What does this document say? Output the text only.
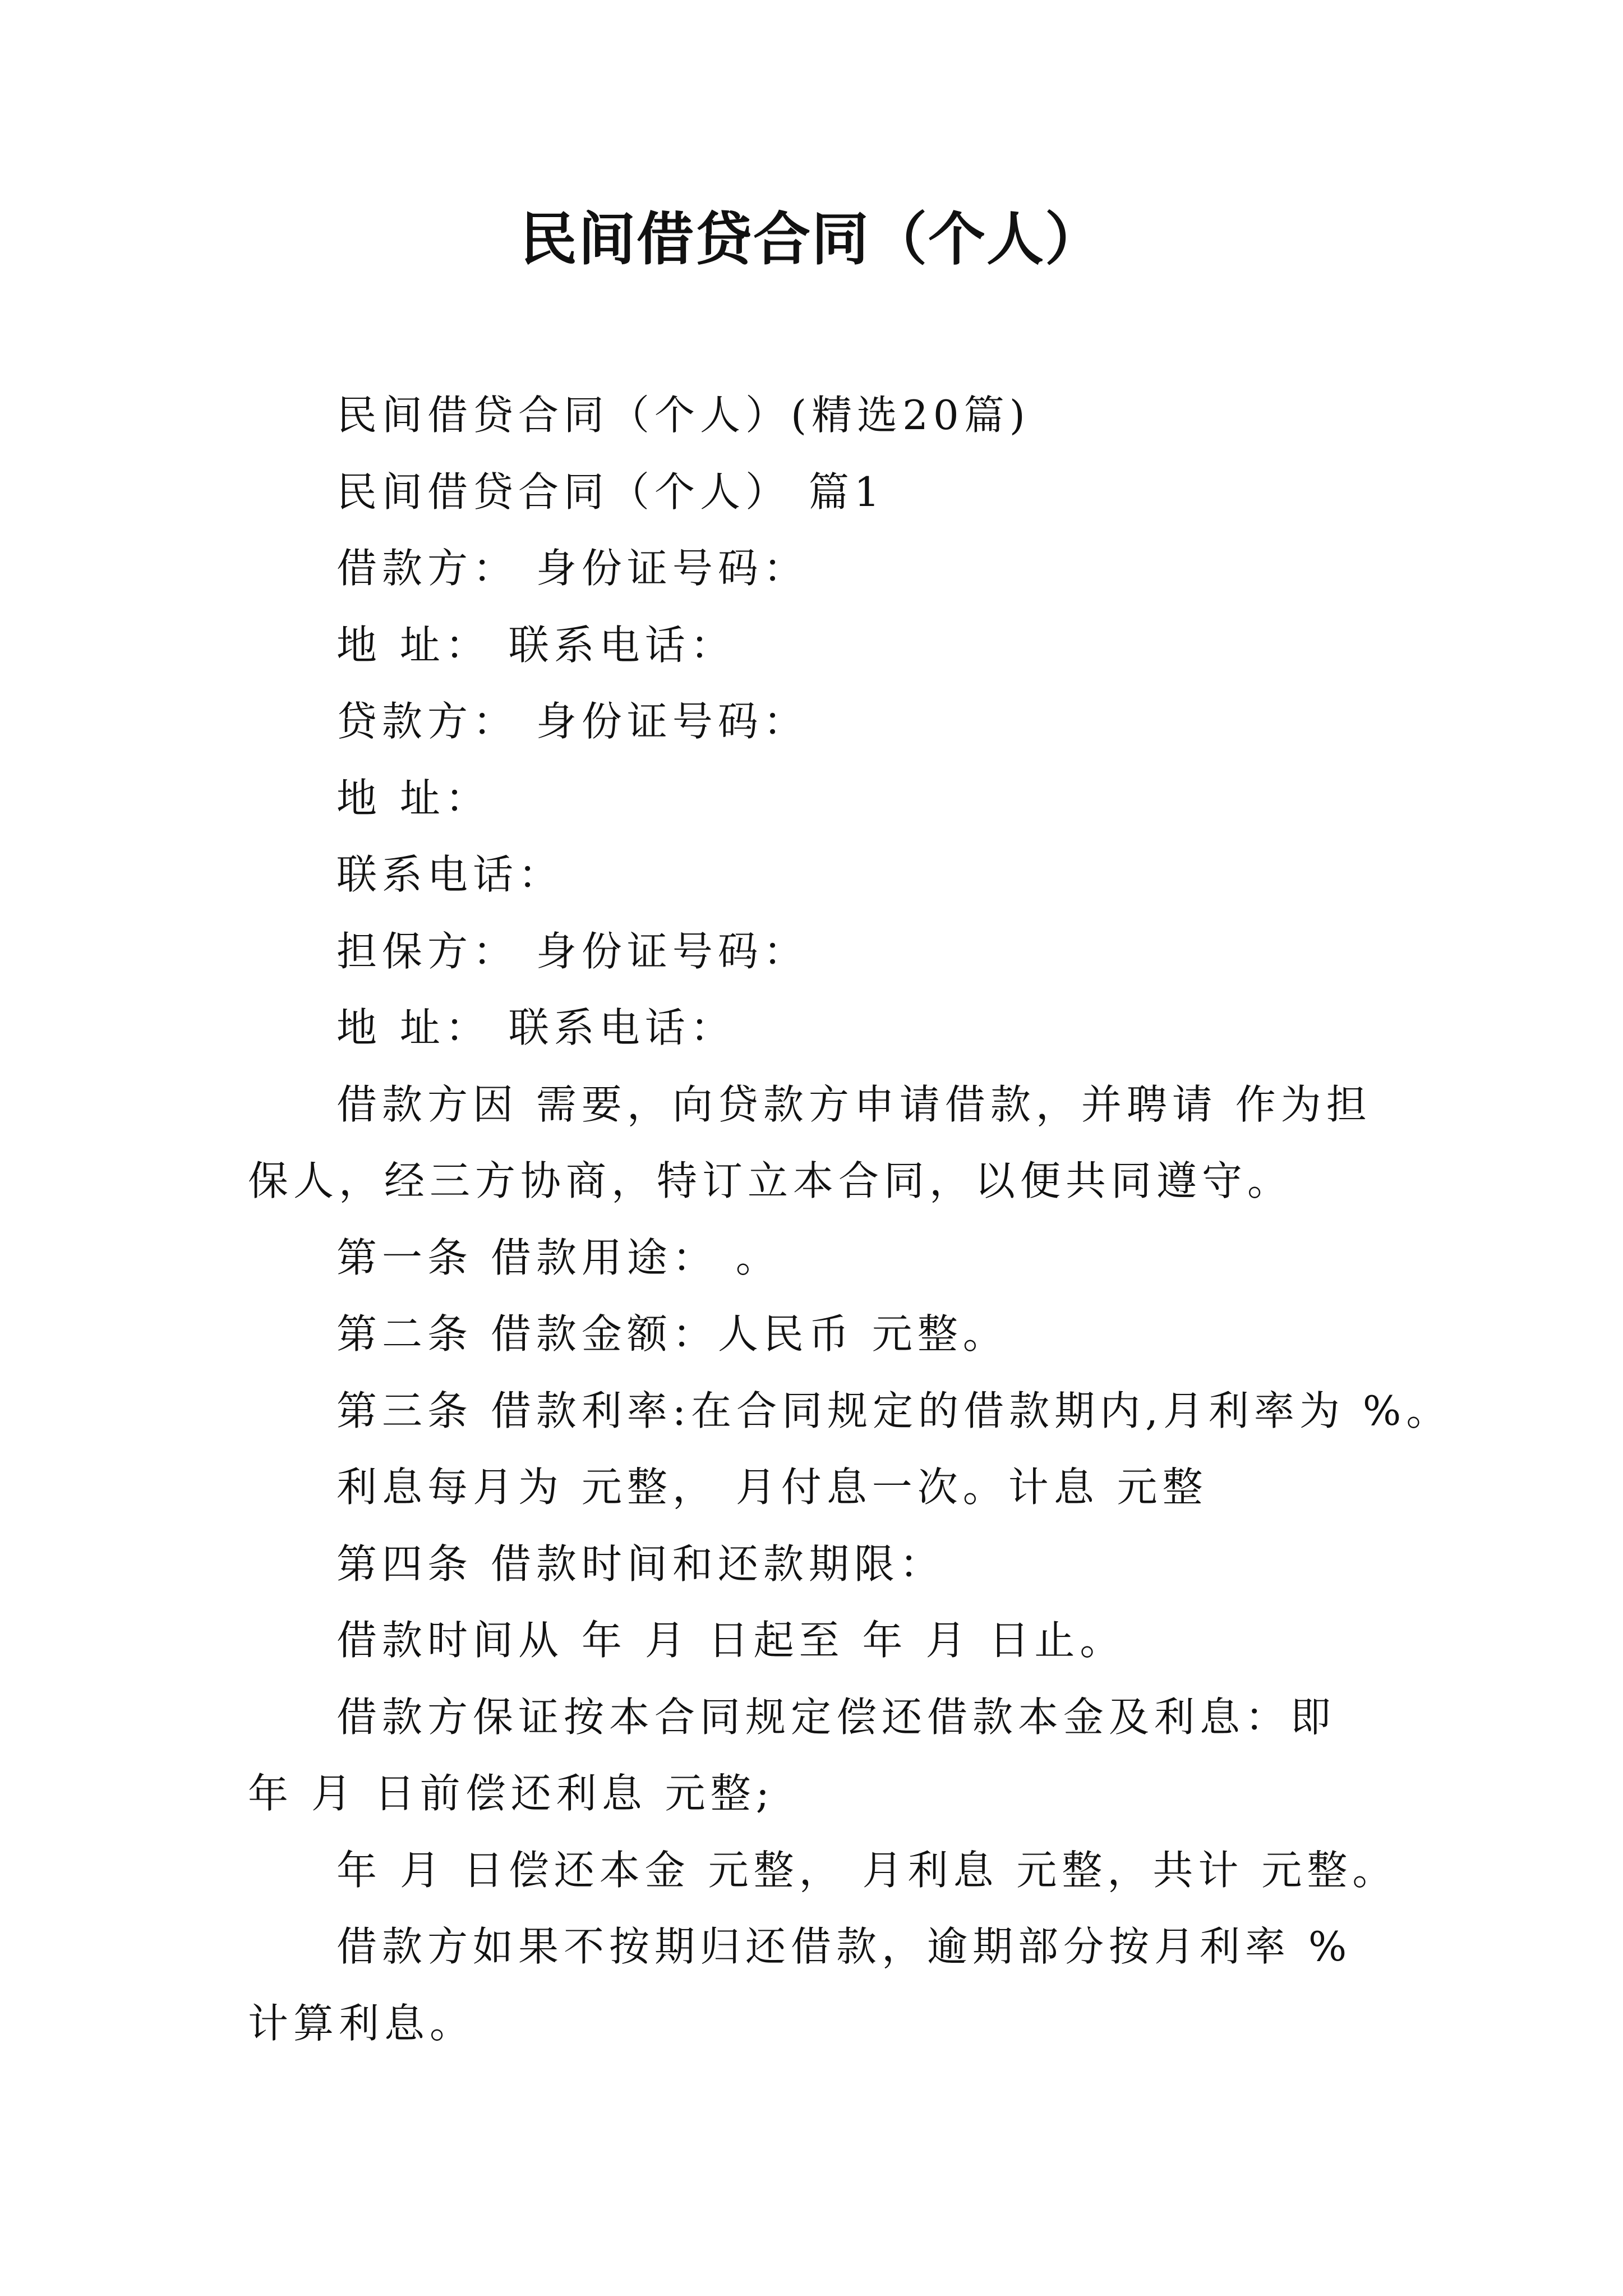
民间借贷合同（个人）

民间借贷合同（个人）(精选20篇)

民间借贷合同（个人） 篇1

借款方： 身份证号码：

地 址： 联系电话：

贷款方： 身份证号码：

地 址：

联系电话：

担保方： 身份证号码：

地 址： 联系电话：

借款方因 需要，向贷款方申请借款，并聘请 作为担保人，经三方协商，特订立本合同，以便共同遵守。

第一条 借款用途： 。

第二条 借款金额：人民币 元整。

第三条 借款利率:在合同规定的借款期内,月利率为 %。

利息每月为 元整， 月付息一次。计息 元整

第四条 借款时间和还款期限：

借款时间从 年 月 日起至 年 月 日止。

借款方保证按本合同规定偿还借款本金及利息：即 年 月 日前偿还利息 元整;

年 月 日偿还本金 元整， 月利息 元整，共计 元整。

借款方如果不按期归还借款，逾期部分按月利率 %计算利息。
